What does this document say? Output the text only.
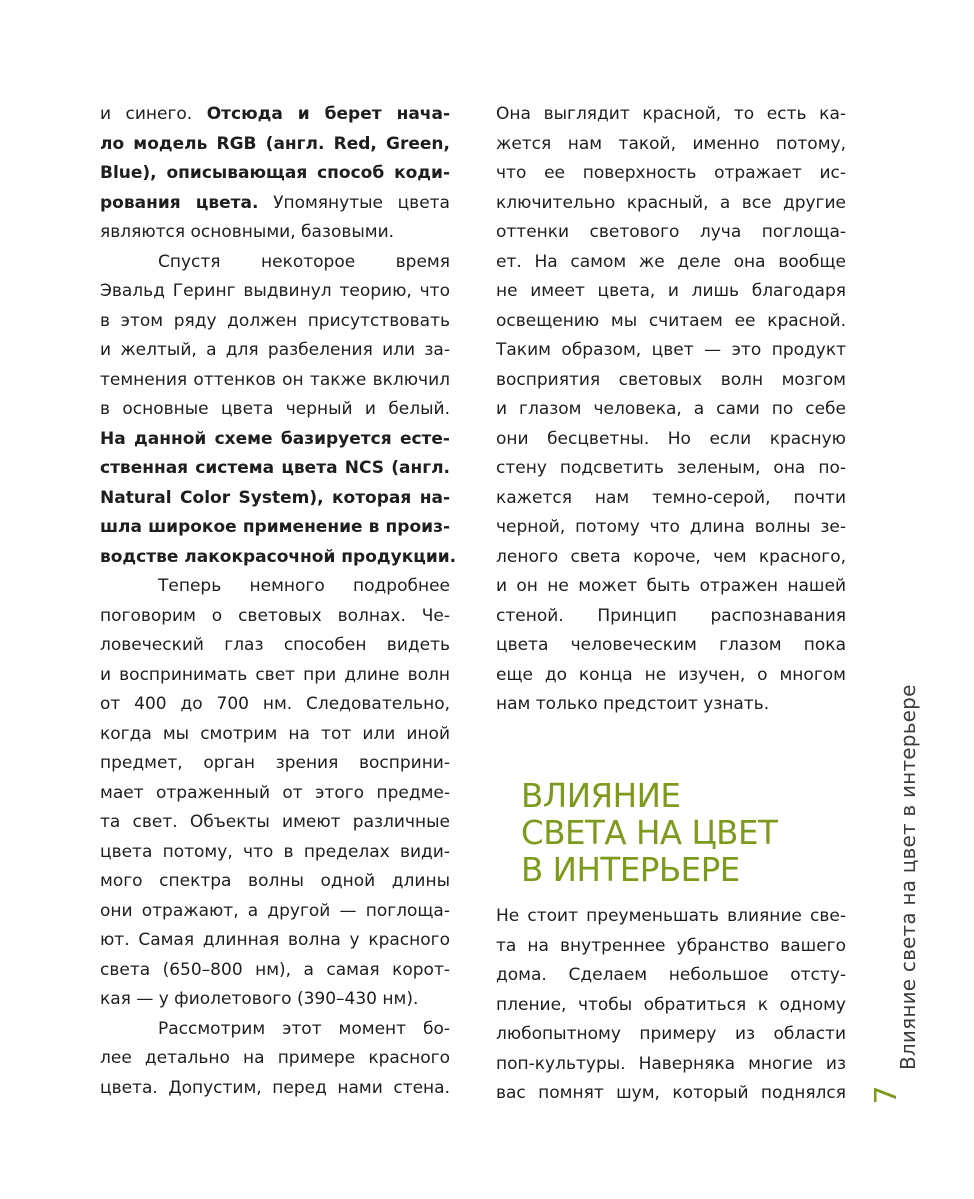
и синего. Отсюда и берет нача-
ло модель RGB (англ. Red, Green,
Blue), описывающая способ коди-
рования цвета. Упомянутые цвета
являются основными, базовыми.
Спустя некоторое время
Эвальд Геринг выдвинул теорию, что
в этом ряду должен присутствовать
и желтый, а для разбеления или за-
темнения оттенков он также включил
в основные цвета черный и белый.
На данной схеме базируется есте-
ственная система цвета NCS (англ.
Natural Color System), которая на-
шла широкое применение в произ-
водстве лакокрасочной продукции.
Теперь немного подробнее
поговорим о световых волнах. Че-
ловеческий глаз способен видеть
и воспринимать свет при длине волн
от 400 до 700 нм. Следовательно,
когда мы смотрим на тот или иной
предмет, орган зрения восприни-
мает отраженный от этого предме-
та свет. Объекты имеют различные
цвета потому, что в пределах види-
мого спектра волны одной длины
они отражают, а другой — поглоща-
ют. Самая длинная волна у красного
света (650–800 нм), а самая корот-
кая — у фиолетового (390–430 нм).
Рассмотрим этот момент бо-
лее детально на примере красного
цвета. Допустим, перед нами стена.
Она выглядит красной, то есть ка-
жется нам такой, именно потому,
что ее поверхность отражает ис-
ключительно красный, а все другие
оттенки светового луча поглоща-
ет. На самом же деле она вообще
не имеет цвета, и лишь благодаря
освещению мы считаем ее красной.
Таким образом, цвет — это продукт
восприятия световых волн мозгом
и глазом человека, а сами по себе
они бесцветны. Но если красную
стену подсветить зеленым, она по-
кажется нам темно-серой, почти
черной, потому что длина волны зе-
леного света короче, чем красного,
и он не может быть отражен нашей
стеной. Принцип распознавания
цвета человеческим глазом пока
еще до конца не изучен, о многом
нам только предстоит узнать.
ВЛИЯНИЕ
СВЕТА НА ЦВЕТ
В ИНТЕРЬЕРЕ
Не стоит преуменьшать влияние све-
та на внутреннее убранство вашего
дома. Сделаем небольшое отсту-
пление, чтобы обратиться к одному
любопытному примеру из области
поп-культуры. Наверняка многие из
вас помнят шум, который поднялся 7
Влияние света на цвет в интерьере
